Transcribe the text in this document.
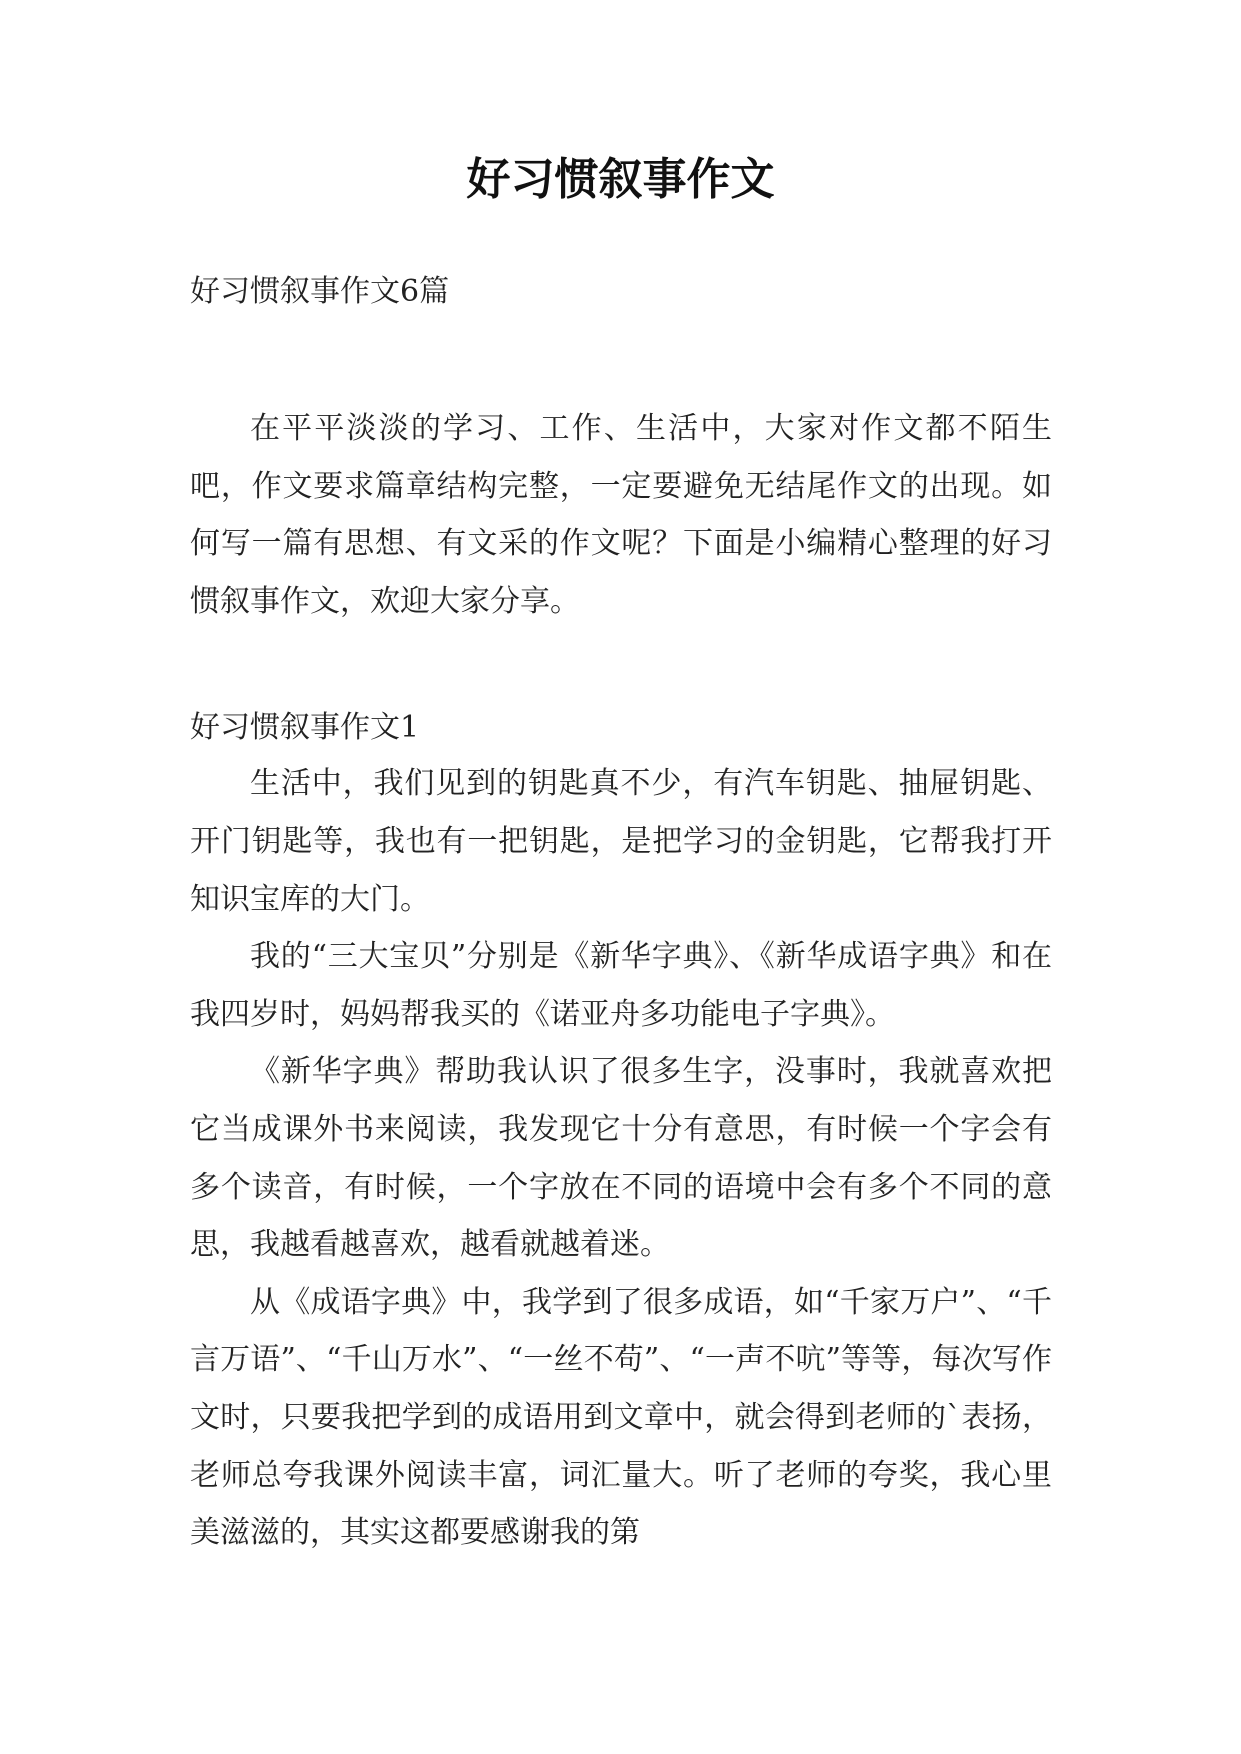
好习惯叙事作文
好习惯叙事作文6篇

在平平淡淡的学习、工作、生活中，大家对作文都不陌生吧，作文要求篇章结构完整，一定要避免无结尾作文的出现。如何写一篇有思想、有文采的作文呢？下面是小编精心整理的好习惯叙事作文，欢迎大家分享。

好习惯叙事作文1

生活中，我们见到的钥匙真不少，有汽车钥匙、抽屉钥匙、开门钥匙等，我也有一把钥匙，是把学习的金钥匙，它帮我打开知识宝库的大门。

我的“三大宝贝”分别是《新华字典》、《新华成语字典》和在我四岁时，妈妈帮我买的《诺亚舟多功能电子字典》。

《新华字典》帮助我认识了很多生字，没事时，我就喜欢把它当成课外书来阅读，我发现它十分有意思，有时候一个字会有多个读音，有时候，一个字放在不同的语境中会有多个不同的意思，我越看越喜欢，越看就越着迷。

从《成语字典》中，我学到了很多成语，如“千家万户”、“千言万语”、“千山万水”、“一丝不苟”、“一声不吭”等等，每次写作文时，只要我把学到的成语用到文章中，就会得到老师的`表扬，老师总夸我课外阅读丰富，词汇量大。听了老师的夸奖，我心里美滋滋的，其实这都要感谢我的第
